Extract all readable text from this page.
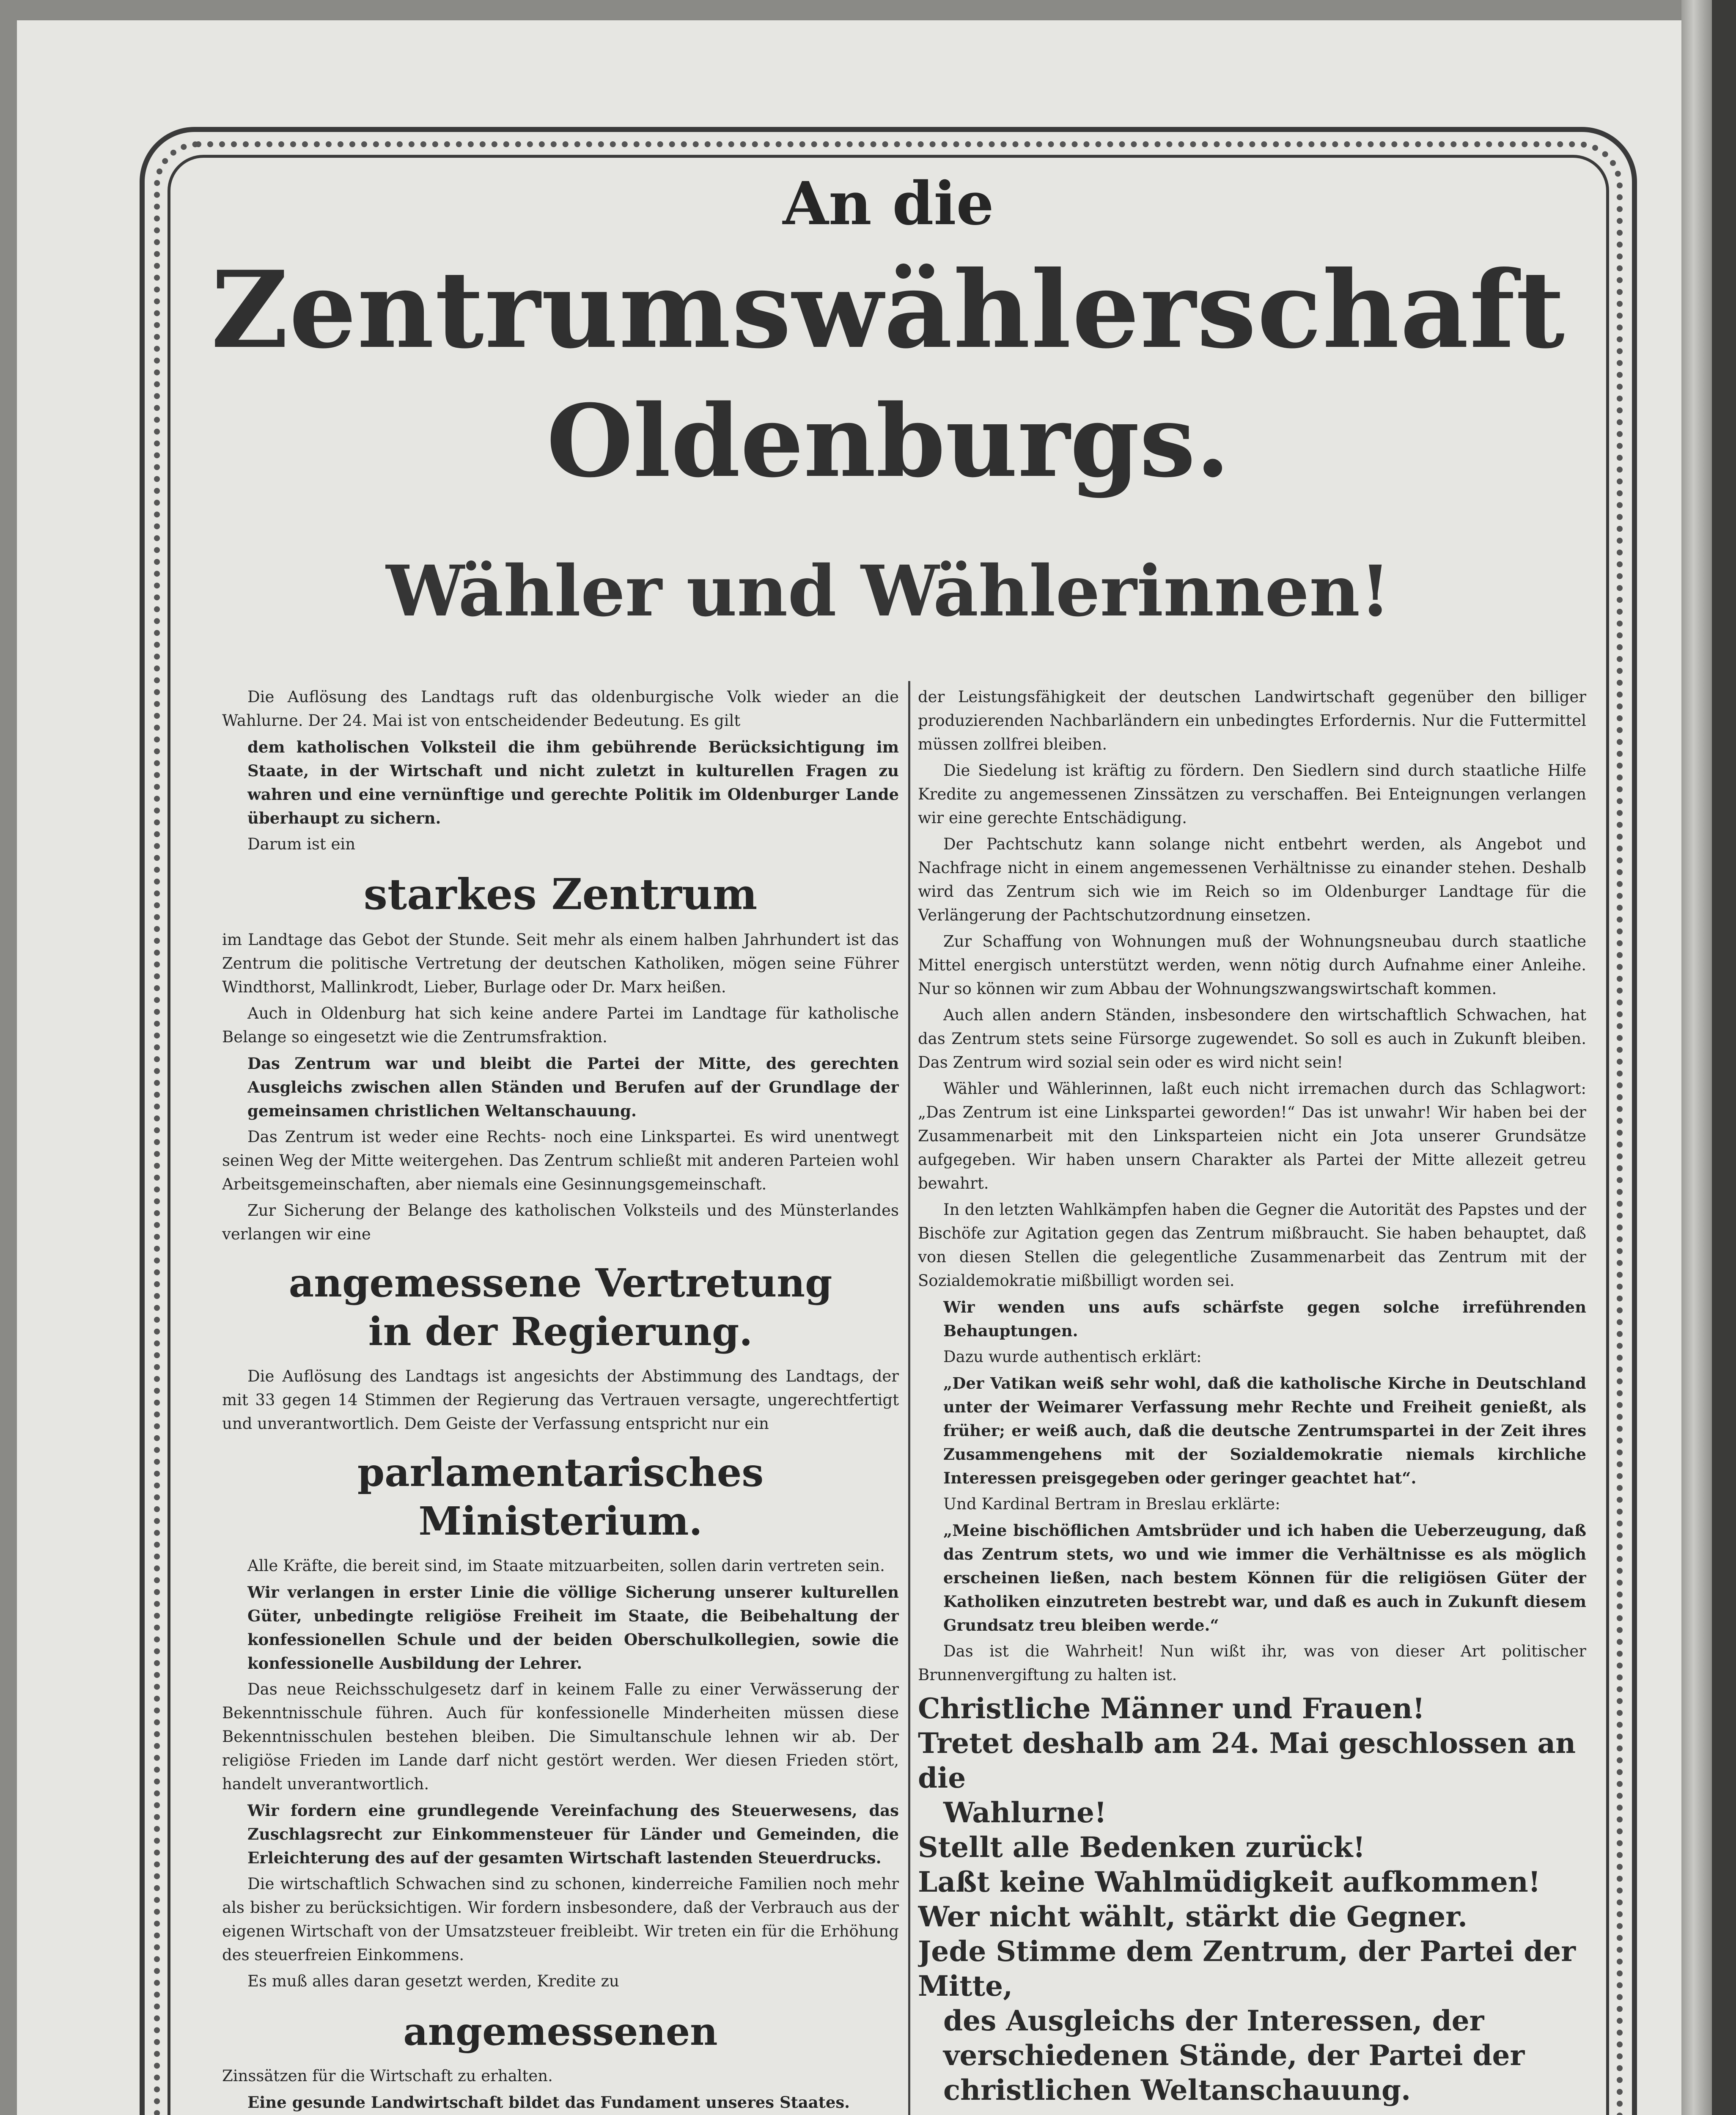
An die
Zentrumswählerschaft
Oldenburgs.
Wähler und Wählerinnen!

Die Auflösung des Landtags ruft das oldenburgische Volk wieder an die Wahlurne. Der 24. Mai ist von entscheidender Bedeutung. Es gilt

dem katholischen Volksteil die ihm gebührende Berücksichtigung im Staate, in der Wirtschaft und nicht zuletzt in kulturellen Fragen zu wahren und eine vernünftige und gerechte Politik im Oldenburger Lande überhaupt zu sichern.

Darum ist ein

starkes Zentrum

im Landtage das Gebot der Stunde. Seit mehr als einem halben Jahrhundert ist das Zentrum die politische Vertretung der deutschen Katholiken, mögen seine Führer Windthorst, Mallinkrodt, Lieber, Burlage oder Dr. Marx heißen.

Auch in Oldenburg hat sich keine andere Partei im Landtage für katholische Belange so eingesetzt wie die Zentrumsfraktion.

Das Zentrum war und bleibt die Partei der Mitte, des gerechten Ausgleichs zwischen allen Ständen und Berufen auf der Grundlage der gemeinsamen christlichen Weltanschauung.

Das Zentrum ist weder eine Rechts- noch eine Linkspartei. Es wird unentwegt seinen Weg der Mitte weitergehen. Das Zentrum schließt mit anderen Parteien wohl Arbeitsgemeinschaften, aber niemals eine Gesinnungsgemeinschaft.

Zur Sicherung der Belange des katholischen Volksteils und des Münsterlandes verlangen wir eine

angemessene Vertretung
in der Regierung.

Die Auflösung des Landtags ist angesichts der Abstimmung des Landtags, der mit 33 gegen 14 Stimmen der Regierung das Vertrauen versagte, ungerechtfertigt und unverantwortlich. Dem Geiste der Verfassung entspricht nur ein

parlamentarisches
Ministerium.

Alle Kräfte, die bereit sind, im Staate mitzuarbeiten, sollen darin vertreten sein.

Wir verlangen in erster Linie die völlige Sicherung unserer kulturellen Güter, unbedingte religiöse Freiheit im Staate, die Beibehaltung der konfessionellen Schule und der beiden Oberschulkollegien, sowie die konfessionelle Ausbildung der Lehrer.

Das neue Reichsschulgesetz darf in keinem Falle zu einer Verwässerung der Bekenntnisschule führen. Auch für konfessionelle Minderheiten müssen diese Bekenntnisschulen bestehen bleiben. Die Simultanschule lehnen wir ab. Der religiöse Frieden im Lande darf nicht gestört werden. Wer diesen Frieden stört, handelt unverantwortlich.

Wir fordern eine grundlegende Vereinfachung des Steuerwesens, das Zuschlagsrecht zur Einkommensteuer für Länder und Gemeinden, die Erleichterung des auf der gesamten Wirtschaft lastenden Steuerdrucks.

Die wirtschaftlich Schwachen sind zu schonen, kinderreiche Familien noch mehr als bisher zu berücksichtigen. Wir fordern insbesondere, daß der Verbrauch aus der eigenen Wirtschaft von der Umsatzsteuer freibleibt. Wir treten ein für die Erhöhung des steuerfreien Einkommens.

Es muß alles daran gesetzt werden, Kredite zu

angemessenen

Zinssätzen für die Wirtschaft zu erhalten.

Eine gesunde Landwirtschaft bildet das Fundament unseres Staates.

der Leistungsfähigkeit der deutschen Landwirtschaft gegenüber den billiger produzierenden Nachbarländern ein unbedingtes Erfordernis. Nur die Futtermittel müssen zollfrei bleiben.

Die Siedelung ist kräftig zu fördern. Den Siedlern sind durch staatliche Hilfe Kredite zu angemessenen Zinssätzen zu verschaffen. Bei Enteignungen verlangen wir eine gerechte Entschädigung.

Der Pachtschutz kann solange nicht entbehrt werden, als Angebot und Nachfrage nicht in einem angemessenen Verhältnisse zu einander stehen. Deshalb wird das Zentrum sich wie im Reich so im Oldenburger Landtage für die Verlängerung der Pachtschutzordnung einsetzen.

Zur Schaffung von Wohnungen muß der Wohnungsneubau durch staatliche Mittel energisch unterstützt werden, wenn nötig durch Aufnahme einer Anleihe. Nur so können wir zum Abbau der Wohnungszwangswirtschaft kommen.

Auch allen andern Ständen, insbesondere den wirtschaftlich Schwachen, hat das Zentrum stets seine Fürsorge zugewendet. So soll es auch in Zukunft bleiben. Das Zentrum wird sozial sein oder es wird nicht sein!

Wähler und Wählerinnen, laßt euch nicht irremachen durch das Schlagwort: „Das Zentrum ist eine Linkspartei geworden!“ Das ist unwahr! Wir haben bei der Zusammenarbeit mit den Linksparteien nicht ein Jota unserer Grundsätze aufgegeben. Wir haben unsern Charakter als Partei der Mitte allezeit getreu bewahrt.

In den letzten Wahlkämpfen haben die Gegner die Autorität des Papstes und der Bischöfe zur Agitation gegen das Zentrum mißbraucht. Sie haben behauptet, daß von diesen Stellen die gelegentliche Zusammenarbeit das Zentrum mit der Sozialdemokratie mißbilligt worden sei.

Wir wenden uns aufs schärfste gegen solche irreführenden Behauptungen.

Dazu wurde authentisch erklärt:

„Der Vatikan weiß sehr wohl, daß die katholische Kirche in Deutschland unter der Weimarer Verfassung mehr Rechte und Freiheit genießt, als früher; er weiß auch, daß die deutsche Zentrumspartei in der Zeit ihres Zusammengehens mit der Sozialdemokratie niemals kirchliche Interessen preisgegeben oder geringer geachtet hat“.

Und Kardinal Bertram in Breslau erklärte:

„Meine bischöflichen Amtsbrüder und ich haben die Ueberzeugung, daß das Zentrum stets, wo und wie immer die Verhältnisse es als möglich erscheinen ließen, nach bestem Können für die religiösen Güter der Katholiken einzutreten bestrebt war, und daß es auch in Zukunft diesem Grundsatz treu bleiben werde.“

Das ist die Wahrheit! Nun wißt ihr, was von dieser Art politischer Brunnenvergiftung zu halten ist.

Christliche Männer und Frauen!

Tretet deshalb am 24. Mai geschlossen an die

Wahlurne!

Stellt alle Bedenken zurück!

Laßt keine Wahlmüdigkeit aufkommen!

Wer nicht wählt, stärkt die Gegner.

Jede Stimme dem Zentrum, der Partei der Mitte,

des Ausgleichs der Interessen, der verschiedenen Stände, der Partei der christlichen Weltanschauung.
